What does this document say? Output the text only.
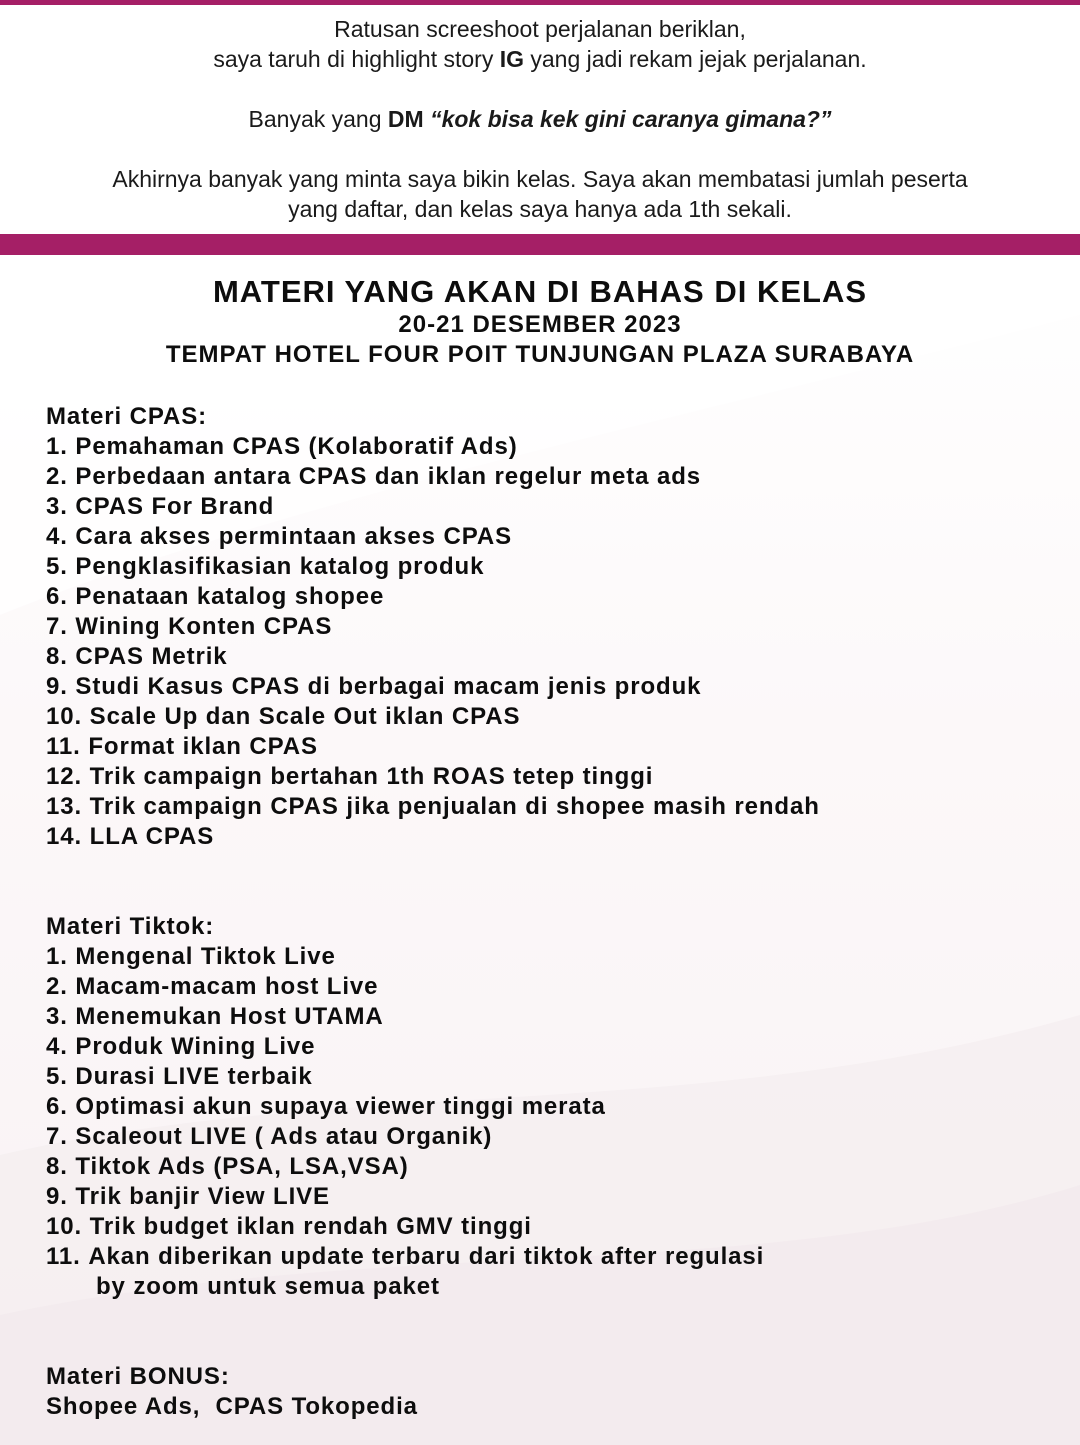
Ratusan screeshoot perjalanan beriklan,

saya taruh di highlight story IG yang jadi rekam jejak perjalanan.

Banyak yang DM “kok bisa kek gini caranya gimana?”

Akhirnya banyak yang minta saya bikin kelas. Saya akan membatasi jumlah peserta

yang daftar, dan kelas saya hanya ada 1th sekali.

MATERI YANG AKAN DI BAHAS DI KELAS
20-21 DESEMBER 2023
TEMPAT HOTEL FOUR POIT TUNJUNGAN PLAZA SURABAYA
Materi CPAS:
1.
Pemahaman CPAS (Kolaboratif Ads)
2.
Perbedaan antara CPAS dan iklan regelur meta ads
3.
CPAS For Brand
4.
Cara akses permintaan akses CPAS
5.
Pengklasifikasian katalog produk
6.
Penataan katalog shopee
7.
Wining Konten CPAS
8.
CPAS Metrik
9.
Studi Kasus CPAS di berbagai macam jenis produk
10.
Scale Up dan Scale Out iklan CPAS
11.
Format iklan CPAS
12.
Trik campaign bertahan 1th ROAS tetep tinggi
13.
Trik campaign CPAS jika penjualan di shopee masih rendah
14.
LLA CPAS
Materi Tiktok:
1.
Mengenal Tiktok Live
2.
Macam-macam host Live
3.
Menemukan Host UTAMA
4.
Produk Wining Live
5.
Durasi LIVE terbaik
6.
Optimasi akun supaya viewer tinggi merata
7.
Scaleout LIVE ( Ads atau Organik)
8.
Tiktok Ads (PSA, LSA,VSA)
9.
Trik banjir View LIVE
10.
Trik budget iklan rendah GMV tinggi
11.
Akan diberikan update terbaru dari tiktok after regulasi
by zoom untuk semua paket
Materi BONUS:
Shopee Ads,  CPAS Tokopedia
